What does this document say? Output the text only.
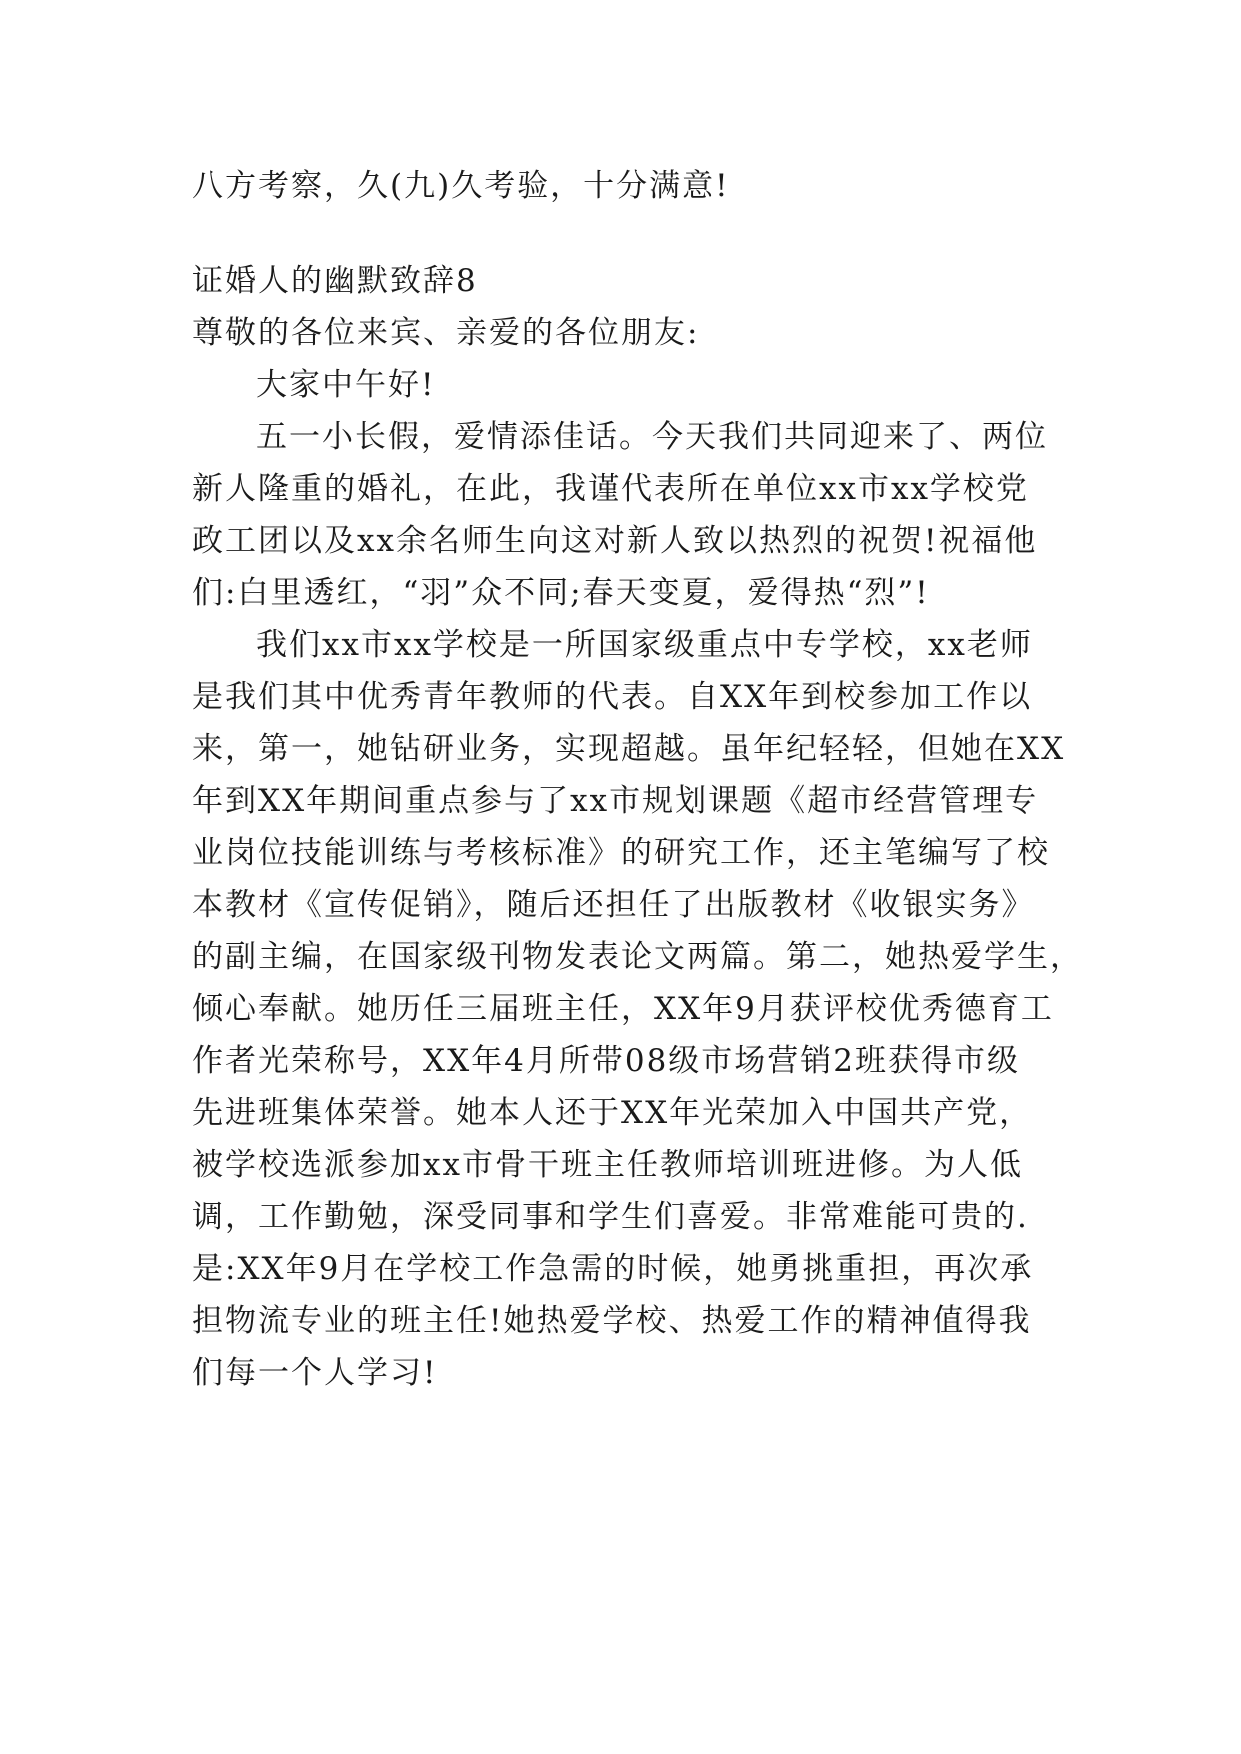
八方考察，久(九)久考验，十分满意!
证婚人的幽默致辞8
尊敬的各位来宾、亲爱的各位朋友:
大家中午好!
五一小长假，爱情添佳话。今天我们共同迎来了、两位
新人隆重的婚礼，在此，我谨代表所在单位xx市xx学校党
政工团以及xx余名师生向这对新人致以热烈的祝贺!祝福他
们:白里透红，“羽”众不同;春天变夏，爱得热“烈”!
我们xx市xx学校是一所国家级重点中专学校，xx老师
是我们其中优秀青年教师的代表。自XX年到校参加工作以
来，第一，她钻研业务，实现超越。虽年纪轻轻，但她在XX
年到XX年期间重点参与了xx市规划课题《超市经营管理专
业岗位技能训练与考核标准》的研究工作，还主笔编写了校
本教材《宣传促销》，随后还担任了出版教材《收银实务》
的副主编，在国家级刊物发表论文两篇。第二，她热爱学生，
倾心奉献。她历任三届班主任，XX年9月获评校优秀德育工
作者光荣称号，XX年4月所带08级市场营销2班获得市级
先进班集体荣誉。她本人还于XX年光荣加入中国共产党，
被学校选派参加xx市骨干班主任教师培训班进修。为人低
调，工作勤勉，深受同事和学生们喜爱。非常难能可贵的.
是:XX年9月在学校工作急需的时候，她勇挑重担，再次承
担物流专业的班主任!她热爱学校、热爱工作的精神值得我
们每一个人学习!
